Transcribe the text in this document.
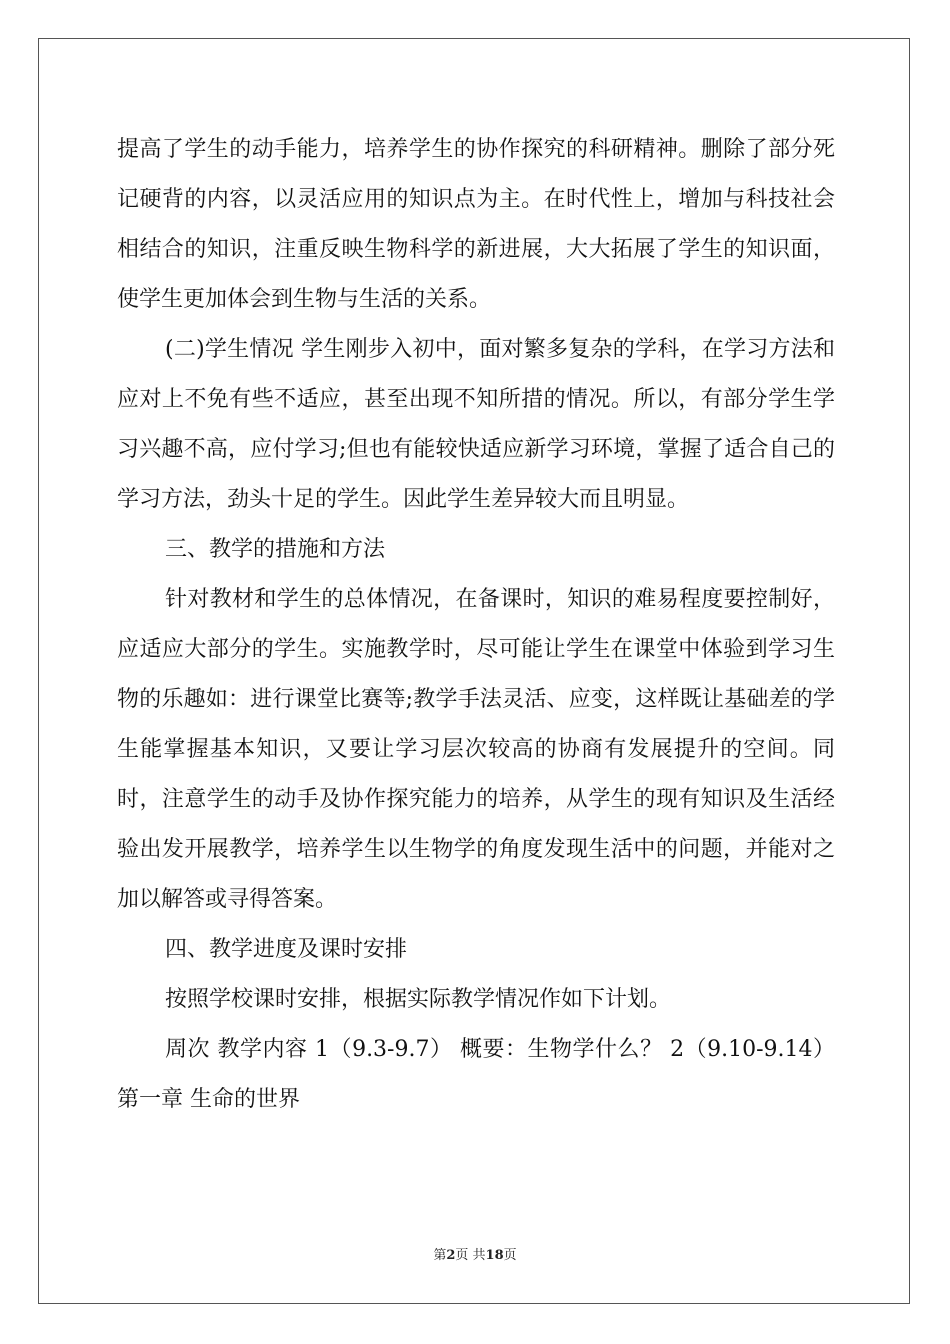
提高了学生的动手能力，培养学生的协作探究的科研精神。删除了部分死记硬背的内容，以灵活应用的知识点为主。在时代性上，增加与科技社会相结合的知识，注重反映生物科学的新进展，大大拓展了学生的知识面，使学生更加体会到生物与生活的关系。

(二)学生情况 学生刚步入初中，面对繁多复杂的学科，在学习方法和应对上不免有些不适应，甚至出现不知所措的情况。所以，有部分学生学习兴趣不高，应付学习;但也有能较快适应新学习环境，掌握了适合自己的学习方法，劲头十足的学生。因此学生差异较大而且明显。

三、教学的措施和方法

针对教材和学生的总体情况，在备课时，知识的难易程度要控制好，应适应大部分的学生。实施教学时，尽可能让学生在课堂中体验到学习生物的乐趣如：进行课堂比赛等;教学手法灵活、应变，这样既让基础差的学生能掌握基本知识，又要让学习层次较高的协商有发展提升的空间。同时，注意学生的动手及协作探究能力的培养，从学生的现有知识及生活经验出发开展教学，培养学生以生物学的角度发现生活中的问题，并能对之加以解答或寻得答案。

四、教学进度及课时安排

按照学校课时安排，根据实际教学情况作如下计划。

周次 教学内容 1（9.3-9.7） 概要：生物学什么？ 2（9.10-9.14） 第一章 生命的世界

第2页 共18页
